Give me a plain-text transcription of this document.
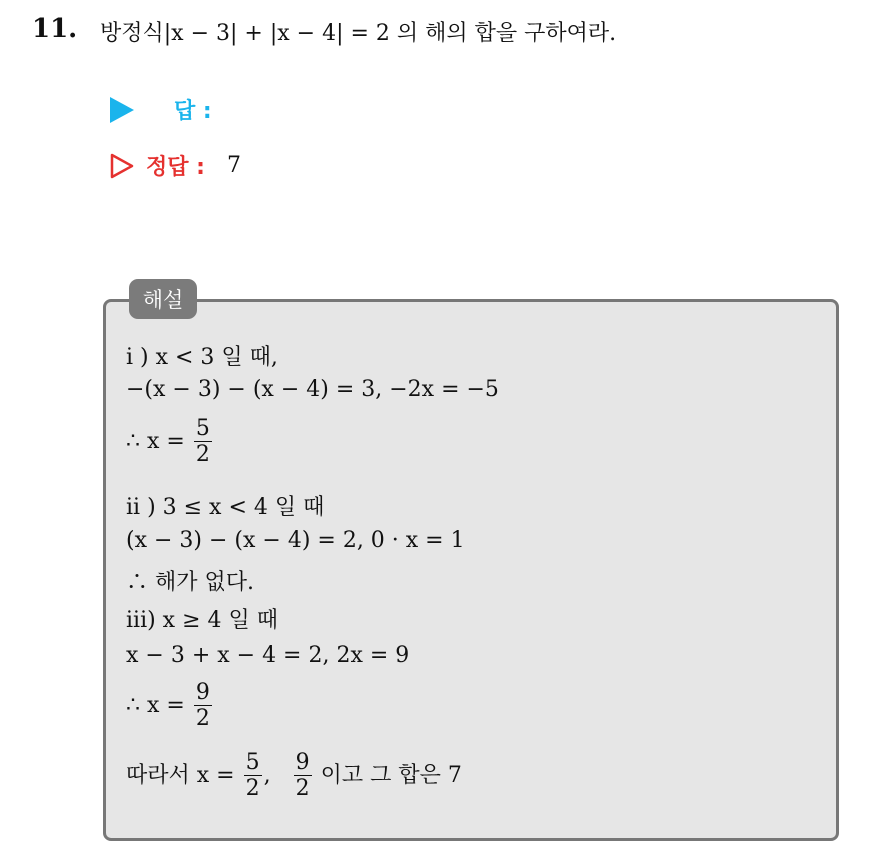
11. 방정식|x − 3| + |x − 4| = 2 의 해의 합을 구하여라.
답 :
정답 : 7
해설
i ) x < 3 일 때,
−(x − 3) − (x − 4) = 3, −2x = −5
∴ $x = \frac{5}{2}$
ii ) 3 ≤ x < 4 일 때
(x − 3) − (x − 4) = 2, 0 · x = 1
∴ 해가 없다.
iii) x ≥ 4 일 때
x − 3 + x − 4 = 2, 2x = 9
∴ $x = \frac{9}{2}$
따라서 $x = \frac{5}{2}$ , $\frac{9}{2}$ 이고 그 합은 7
